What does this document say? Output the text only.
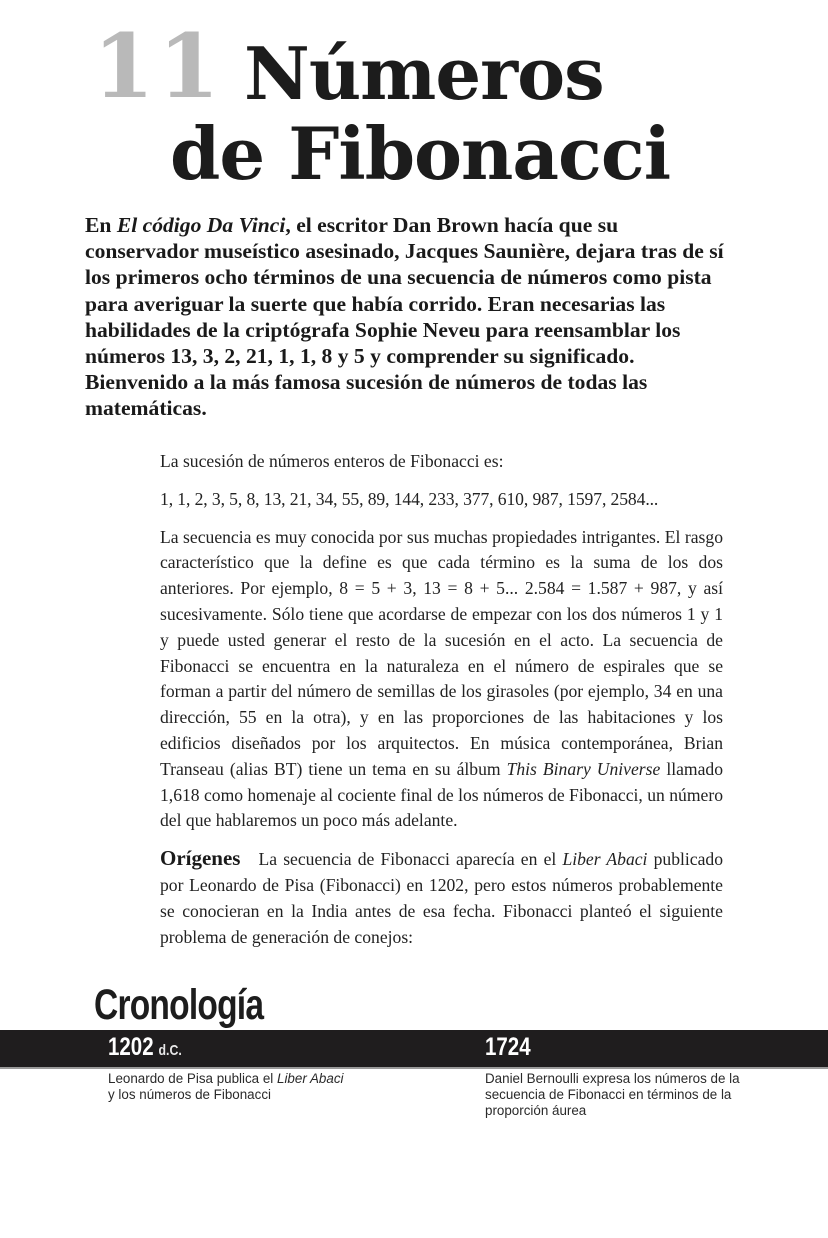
11 Números
de Fibonacci
En El código Da Vinci, el escritor Dan Brown hacía que su conservador museístico asesinado, Jacques Saunière, dejara tras de sí los primeros ocho términos de una secuencia de números como pista para averiguar la suerte que había corrido. Eran necesarias las habilidades de la criptógrafa Sophie Neveu para reensamblar los números 13, 3, 2, 21, 1, 1, 8 y 5 y comprender su significado. Bienvenido a la más famosa sucesión de números de todas las matemáticas.

La sucesión de números enteros de Fibonacci es:

1, 1, 2, 3, 5, 8, 13, 21, 34, 55, 89, 144, 233, 377, 610, 987, 1597, 2584...

La secuencia es muy conocida por sus muchas propiedades intrigantes. El rasgo característico que la define es que cada término es la suma de los dos anteriores. Por ejemplo, 8 = 5 + 3, 13 = 8 + 5... 2.584 = 1.587 + 987, y así sucesivamente. Sólo tiene que acordarse de empezar con los dos números 1 y 1 y puede usted generar el resto de la sucesión en el acto. La secuencia de Fibonacci se encuentra en la naturaleza en el número de espirales que se forman a partir del número de semillas de los girasoles (por ejemplo, 34 en una dirección, 55 en la otra), y en las proporciones de las habitaciones y los edificios diseñados por los arquitectos. En música contemporánea, Brian Transeau (alias BT) tiene un tema en su álbum This Binary Universe llamado 1,618 como homenaje al cociente final de los números de Fibonacci, un número del que hablaremos un poco más adelante.

Orígenes La secuencia de Fibonacci aparecía en el Liber Abaci publicado por Leonardo de Pisa (Fibonacci) en 1202, pero estos números probablemente se conocieran en la India antes de esa fecha. Fibonacci planteó el siguiente problema de generación de conejos:

Cronología
1202 d.C.	1724
Leonardo de Pisa publica el Liber Abaci
y los números de Fibonacci
Daniel Bernoulli expresa los números de la secuencia de Fibonacci en términos de la proporción áurea
